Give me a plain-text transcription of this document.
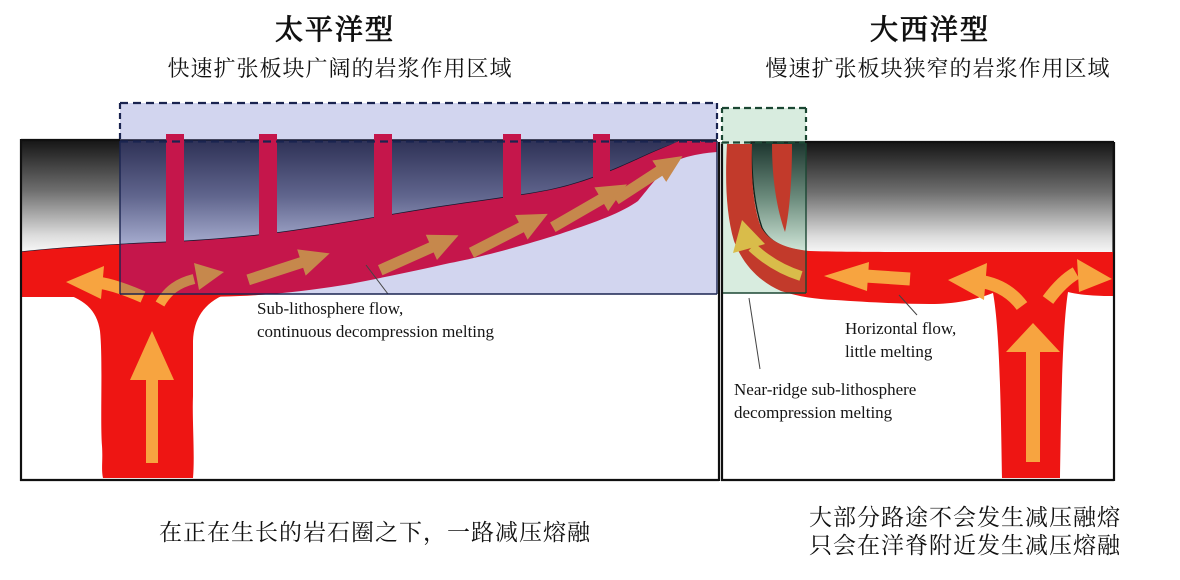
太平洋型
快速扩张板块广阔的岩浆作用区域
大西洋型
慢速扩张板块狭窄的岩浆作用区域
Sub-lithosphere flow,
continuous decompression melting	Horizontal flow,
little melting
Near-ridge sub-lithosphere
decompression melting
在正在生长的岩石圈之下，一路减压熔融
大部分路途不会发生减压融熔
只会在洋脊附近发生减压熔融
